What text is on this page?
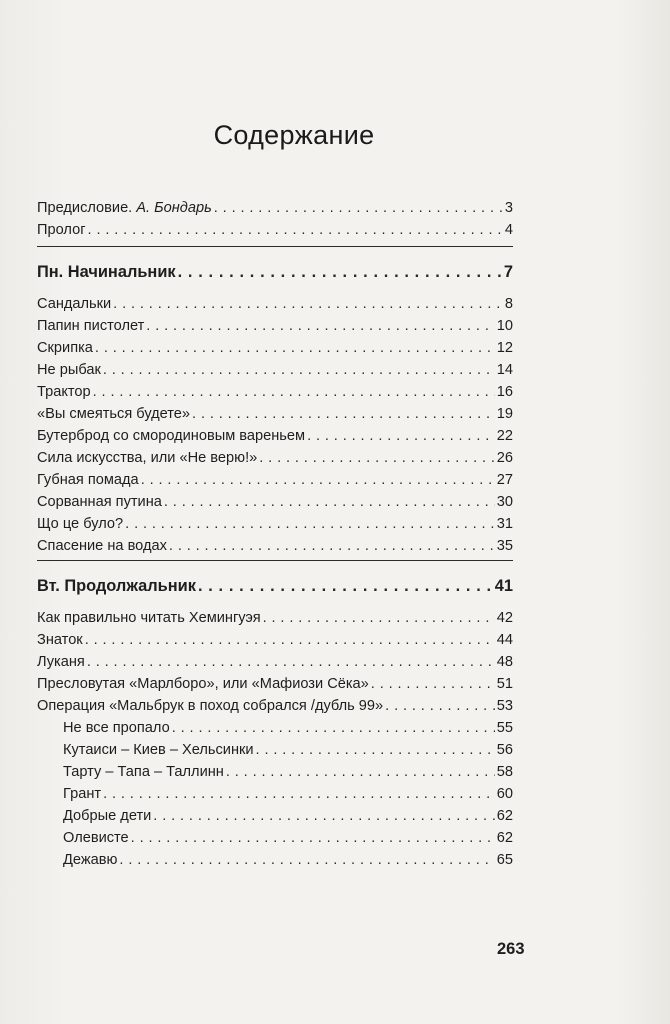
Содержание
Предисловие. А. Бондарь . . .	3
Пролог . . .	4
Пн. Начинальник . . .	7
Сандальки . . .	8
Папин пистолет . . .	10
Скрипка . . .	12
Не рыбак . . .	14
Трактор . . .	16
«Вы смеяться будете» . . .	19
Бутерброд со смородиновым вареньем . . .	22
Сила искусства, или «Не верю!» . . .	26
Губная помада . . .	27
Сорванная путина . . .	30
Що це було? . . .	31
Спасение на водах . . .	35
Вт. Продолжальник . . .	41
Как правильно читать Хемингуэя . . .	42
Знаток . . .	44
Луканя . . .	48
Пресловутая «Марлборо», или «Мафиози Сёка» . . .	51
Операция «Мальбрук в поход собрался /дубль 99» . . .	53
Не все пропало . . .	55
Кутаиси – Киев – Хельсинки . . .	56
Тарту – Тапа – Таллинн . . .	58
Грант . . .	60
Добрые дети . . .	62
Олевисте . . .	62
Дежавю . . .	65
263
